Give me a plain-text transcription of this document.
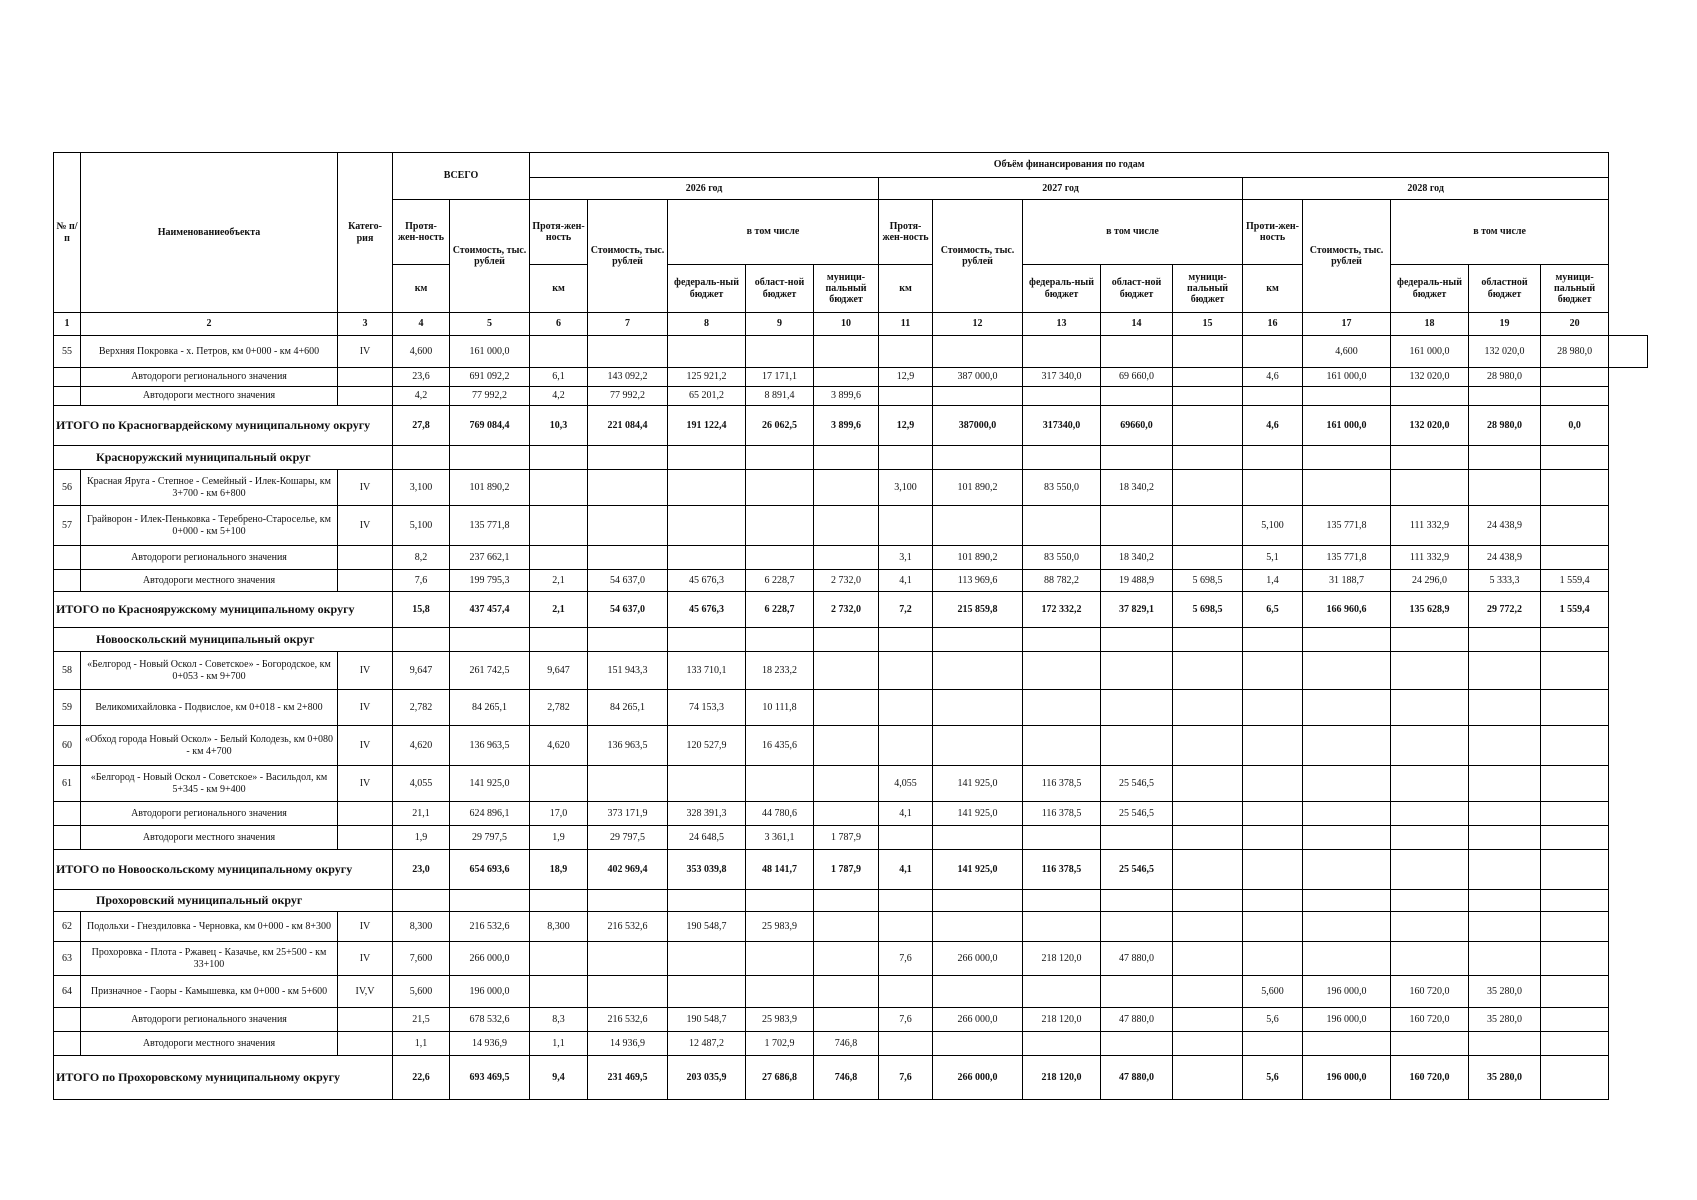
№ п/п	Наименованиеобъекта	Катего-рия	ВСЕГО		Объём финансирования по годам															
					2026 год					2027 год					2028 год					
			Протя-жен-ность	Стоимость, тыс. рублей	Протя-жен-ность	Стоимость, тыс. рублей	в том числе			Протя-жен-ность	Стоимость, тыс. рублей	в том числе			Прoти-жен-ность	Стоимость, тыс. рублей	в том числе			
			км		км		федераль-ный бюджет	област-ной бюджет	муници-пальный бюджет	км		федераль-ный бюджет	област-ной бюджет	муници-пальный бюджет	км		федераль-ный бюджет	областной бюджет	муници-пальный бюджет	
1	2	3	4	5	6	7	8	9	10	11	12	13	14	15	16	17	18	19	20	
55	Верхняя Покровка - х. Петров, км 0+000 - км 4+600	IV	4,600	161 000,0												4,600	161 000,0	132 020,0	28 980,0	
	Автодороги регионального значения		23,6	691 092,2	6,1	143 092,2	125 921,2	17 171,1		12,9	387 000,0	317 340,0	69 660,0		4,6	161 000,0	132 020,0	28 980,0		
	Автодороги местного значения		4,2	77 992,2	4,2	77 992,2	65 201,2	8 891,4	3 899,6											
ИТОГО по Красногвардейскому муниципальному округу			27,8	769 084,4	10,3	221 084,4	191 122,4	26 062,5	3 899,6	12,9	387000,0	317340,0	69660,0		4,6	161 000,0	132 020,0	28 980,0	0,0	
Красноружский муниципальный округ																				
56	Красная Яруга - Степное - Семейный - Илек-Кошары, км 3+700 - км 6+800	IV	3,100	101 890,2						3,100	101 890,2	83 550,0	18 340,2							
57	Грайворон - Илек-Пеньковка - Теребрено-Староселье, км 0+000 - км 5+100	IV	5,100	135 771,8											5,100	135 771,8	111 332,9	24 438,9		
	Автодороги регионального значения		8,2	237 662,1						3,1	101 890,2	83 550,0	18 340,2		5,1	135 771,8	111 332,9	24 438,9		
	Автодороги местного значения		7,6	199 795,3	2,1	54 637,0	45 676,3	6 228,7	2 732,0	4,1	113 969,6	88 782,2	19 488,9	5 698,5	1,4	31 188,7	24 296,0	5 333,3	1 559,4	
ИТОГО по Краснояружскому муниципальному округу			15,8	437 457,4	2,1	54 637,0	45 676,3	6 228,7	2 732,0	7,2	215 859,8	172 332,2	37 829,1	5 698,5	6,5	166 960,6	135 628,9	29 772,2	1 559,4	
Новооскольский муниципальный округ																				
58	«Белгород - Новый Оскол - Советское» - Богородское, км 0+053 - км 9+700	IV	9,647	261 742,5	9,647	151 943,3	133 710,1	18 233,2												
59	Великомихайловка - Подвислое, км 0+018 - км 2+800	IV	2,782	84 265,1	2,782	84 265,1	74 153,3	10 111,8												
60	«Обход города Новый Оскол» - Белый Колодезь, км 0+080 - км 4+700	IV	4,620	136 963,5	4,620	136 963,5	120 527,9	16 435,6												
61	«Белгород - Новый Оскол - Советское» - Васильдол, км 5+345 - км 9+400	IV	4,055	141 925,0						4,055	141 925,0	116 378,5	25 546,5							
	Автодороги регионального значения		21,1	624 896,1	17,0	373 171,9	328 391,3	44 780,6		4,1	141 925,0	116 378,5	25 546,5							
	Автодороги местного значения		1,9	29 797,5	1,9	29 797,5	24 648,5	3 361,1	1 787,9											
ИТОГО по Новооскольскому муниципальному округу			23,0	654 693,6	18,9	402 969,4	353 039,8	48 141,7	1 787,9	4,1	141 925,0	116 378,5	25 546,5							
Прохоровский муниципальный округ																				
62	Подольхи - Гнездиловка - Черновка, км 0+000 - км 8+300	IV	8,300	216 532,6	8,300	216 532,6	190 548,7	25 983,9												
63	Прохоровка - Плота - Ржавец - Казачье, км 25+500 - км 33+100	IV	7,600	266 000,0						7,6	266 000,0	218 120,0	47 880,0							
64	Призначное - Гаоры - Камышевка, км 0+000 - км 5+600	IV,V	5,600	196 000,0											5,600	196 000,0	160 720,0	35 280,0		
	Автодороги регионального значения		21,5	678 532,6	8,3	216 532,6	190 548,7	25 983,9		7,6	266 000,0	218 120,0	47 880,0		5,6	196 000,0	160 720,0	35 280,0		
	Автодороги местного значения		1,1	14 936,9	1,1	14 936,9	12 487,2	1 702,9	746,8											
ИТОГО по Прохоровскому муниципальному округу			22,6	693 469,5	9,4	231 469,5	203 035,9	27 686,8	746,8	7,6	266 000,0	218 120,0	47 880,0		5,6	196 000,0	160 720,0	35 280,0		
